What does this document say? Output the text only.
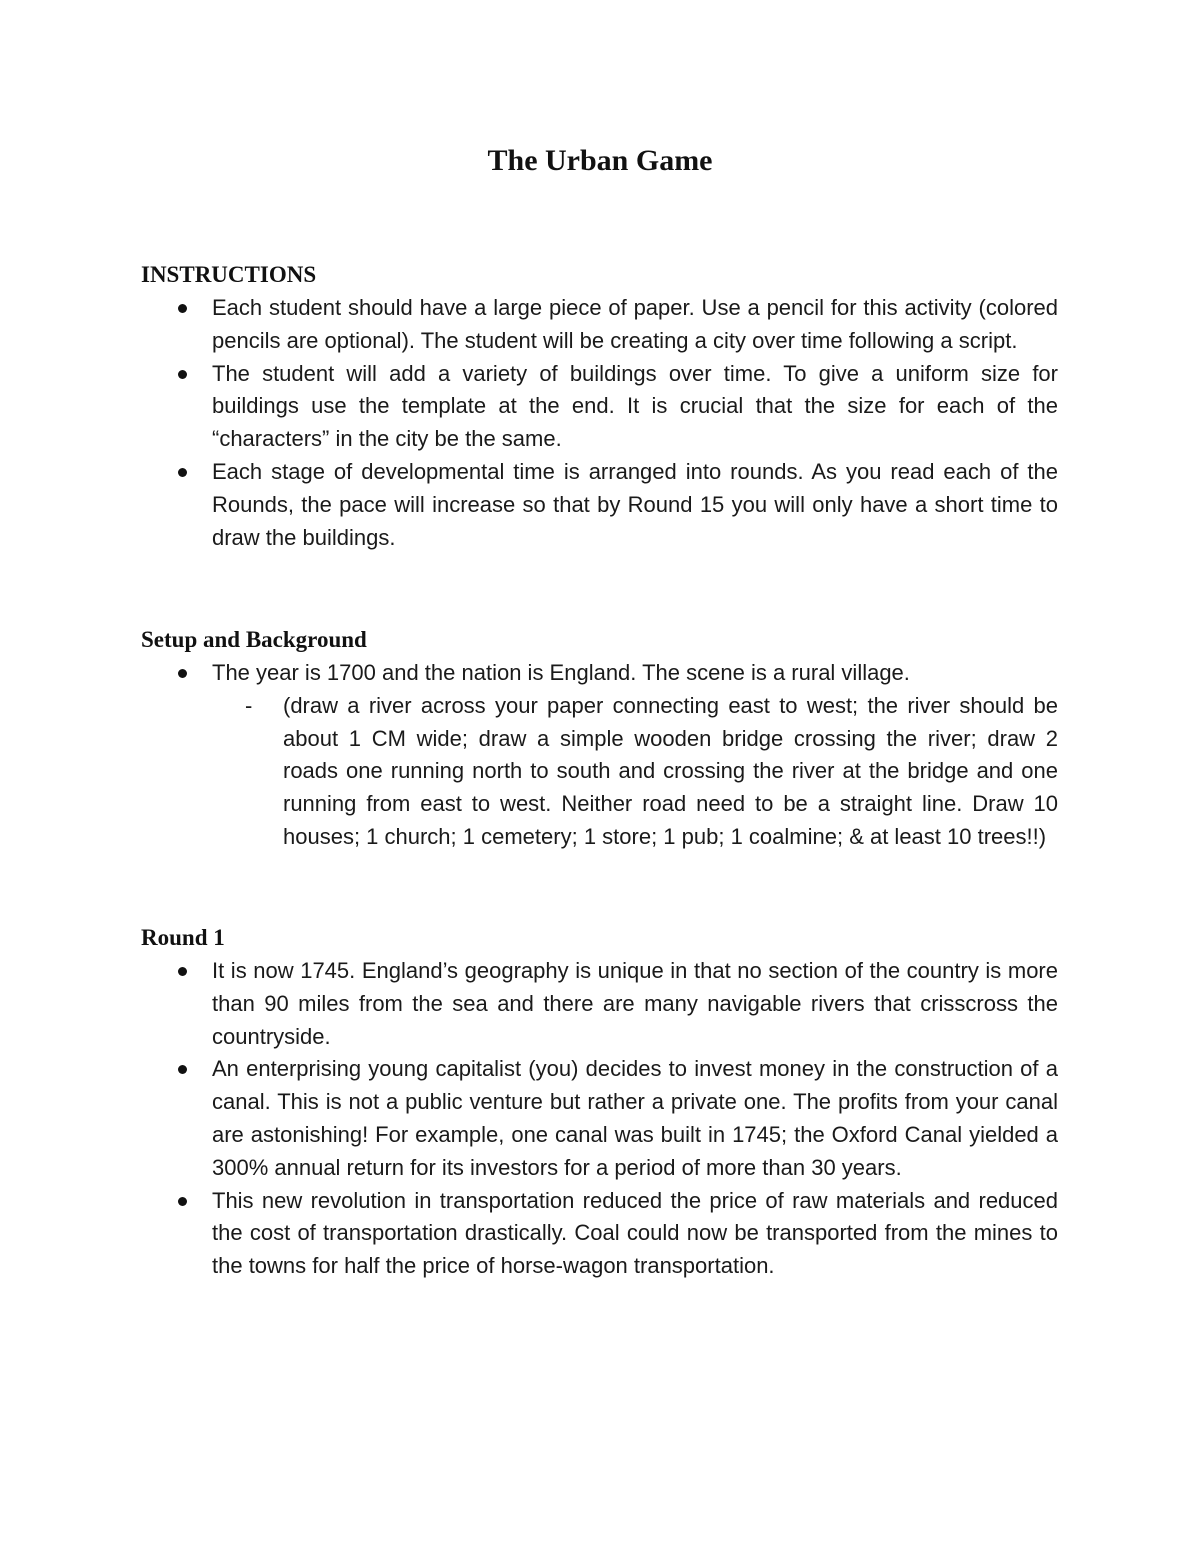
The Urban Game
INSTRUCTIONS
Each student should have a large piece of paper. Use a pencil for this activity (colored pencils are optional). The student will be creating a city over time following a script.
The student will add a variety of buildings over time. To give a uniform size for buildings use the template at the end. It is crucial that the size for each of the “characters” in the city be the same.
Each stage of developmental time is arranged into rounds. As you read each of the Rounds, the pace will increase so that by Round 15 you will only have a short time to draw the buildings.
Setup and Background
The year is 1700 and the nation is England. The scene is a rural village.
- (draw a river across your paper connecting east to west; the river should be about 1 CM wide; draw a simple wooden bridge crossing the river; draw 2 roads one running north to south and crossing the river at the bridge and one running from east to west. Neither road need to be a straight line. Draw 10 houses; 1 church; 1 cemetery; 1 store; 1 pub; 1 coalmine; & at least 10 trees!!)
Round 1
It is now 1745. England’s geography is unique in that no section of the country is more than 90 miles from the sea and there are many navigable rivers that crisscross the countryside.
An enterprising young capitalist (you) decides to invest money in the construction of a canal. This is not a public venture but rather a private one. The profits from your canal are astonishing! For example, one canal was built in 1745; the Oxford Canal yielded a 300% annual return for its investors for a period of more than 30 years.
This new revolution in transportation reduced the price of raw materials and reduced the cost of transportation drastically. Coal could now be transported from the mines to the towns for half the price of horse-wagon transportation.
